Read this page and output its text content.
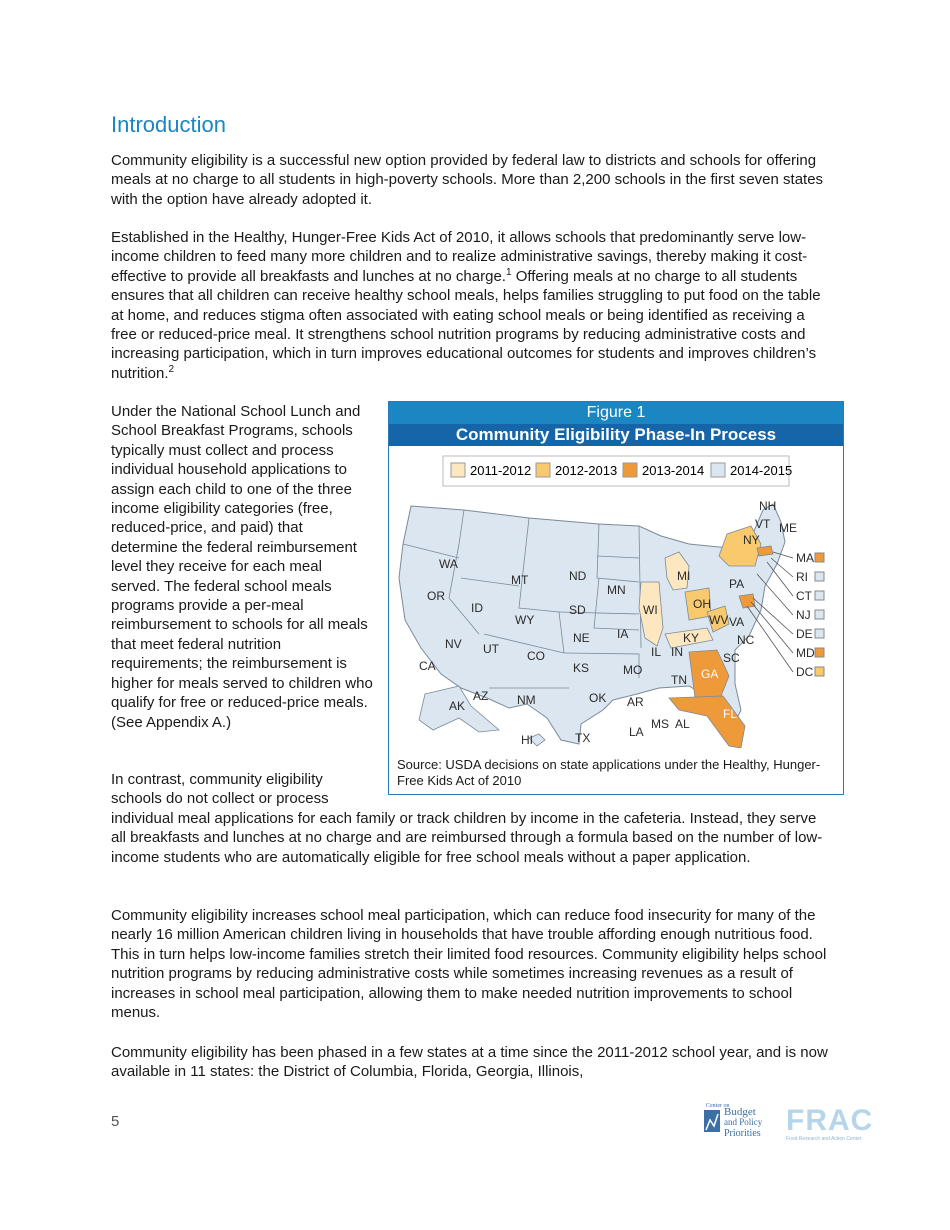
Introduction

Community eligibility is a successful new option provided by federal law to districts and schools for offering meals at no charge to all students in high-poverty schools. More than 2,200 schools in the first seven states with the option have already adopted it.

Established in the Healthy, Hunger-Free Kids Act of 2010, it allows schools that predominantly serve low-income children to feed many more children and to realize administrative savings, thereby making it cost-effective to provide all breakfasts and lunches at no charge.$^1$ Offering meals at no charge to all students ensures that all children can receive healthy school meals, helps families struggling to put food on the table at home, and reduces stigma often associated with eating school meals or being identified as receiving a free or reduced-price meal. It strengthens school nutrition programs by reducing administrative costs and increasing participation, which in turn improves educational outcomes for students and improves children’s nutrition.$^2$

Under the National School Lunch and School Breakfast Programs, schools typically must collect and process individual household applications to assign each child to one of the three income eligibility categories (free, reduced-price, and paid) that determine the federal reimbursement level they receive for each meal served. The federal school meals programs provide a per-meal reimbursement to schools for all meals that meet federal nutrition requirements; the reimbursement is higher for meals served to children who qualify for free or reduced-price meals. (See Appendix A.)

In contrast, community eligibility schools do not collect or process

individual meal applications for each family or track children by income in the cafeteria. Instead, they serve all breakfasts and lunches at no charge and are reimbursed through a formula based on the number of low-income students who are automatically eligible for free school meals without a paper application.

Community eligibility increases school meal participation, which can reduce food insecurity for many of the nearly 16 million American children living in households that have trouble affording enough nutritious food. This in turn helps low-income families stretch their limited food resources. Community eligibility helps school nutrition programs by reducing administrative costs while sometimes increasing revenues as a result of increases in school meal participation, allowing them to make needed nutrition improvements to school menus.

Community eligibility has been phased in a few states at a time since the 2011-2012 school year, and is now available in 11 states: the District of Columbia, Florida, Georgia, Illinois,

Figure 1
Community Eligibility Phase-In Process
2011-2012 2012-2013 2013-2014 2014-2015
WA
OR
CA
ID
NV
MT
WY
UT
AZ
CO
NM
ND
SD
NE
KS
OK
TX
MN
IA
MO
AR
LA
WI
IL
MI
IN
OH
KY
TN
MS AL
GA
FL
SC
NC
VA
WV
PA
NY
VT
NH
ME
AK
HI
MA
RI
CT
NJ
DE
MD
DC
Source: USDA decisions on state applications under the Healthy, Hunger-Free Kids Act of 2010
5
Center on
Budget
and Policy
Priorities FRAC
Food Research and Action Center
